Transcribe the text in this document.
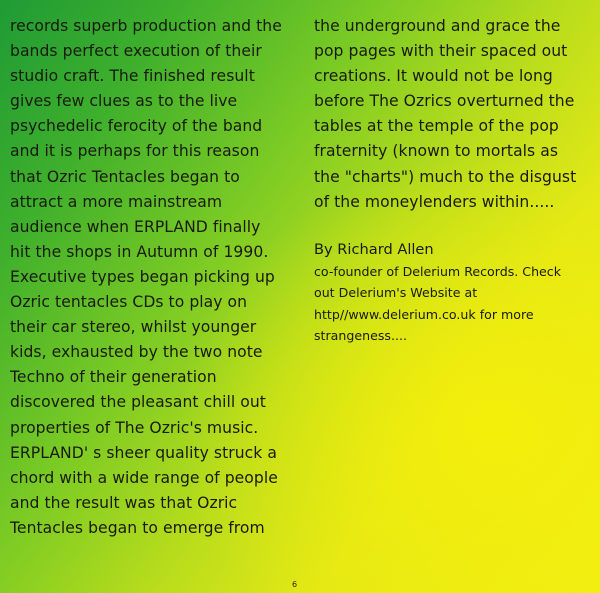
records superb production and the
bands perfect execution of their
studio craft. The finished result
gives few clues as to the live
psychedelic ferocity of the band
and it is perhaps for this reason
that Ozric Tentacles began to
attract a more mainstream
audience when ERPLAND finally
hit the shops in Autumn of 1990.
Executive types began picking up
Ozric tentacles CDs to play on
their car stereo, whilst younger
kids, exhausted by the two note
Techno of their generation
discovered the pleasant chill out
properties of The Ozric's music.
ERPLAND' s sheer quality struck a
chord with a wide range of people
and the result was that Ozric
Tentacles began to emerge from
the underground and grace the
pop pages with their spaced out
creations. It would not be long
before The Ozrics overturned the
tables at the temple of the pop
fraternity (known to mortals as
the "charts") much to the disgust
of the moneylenders within.....
By Richard Allen
co-founder of Delerium Records. Check
out Delerium's Website at
http//www.delerium.co.uk for more
strangeness....
6
